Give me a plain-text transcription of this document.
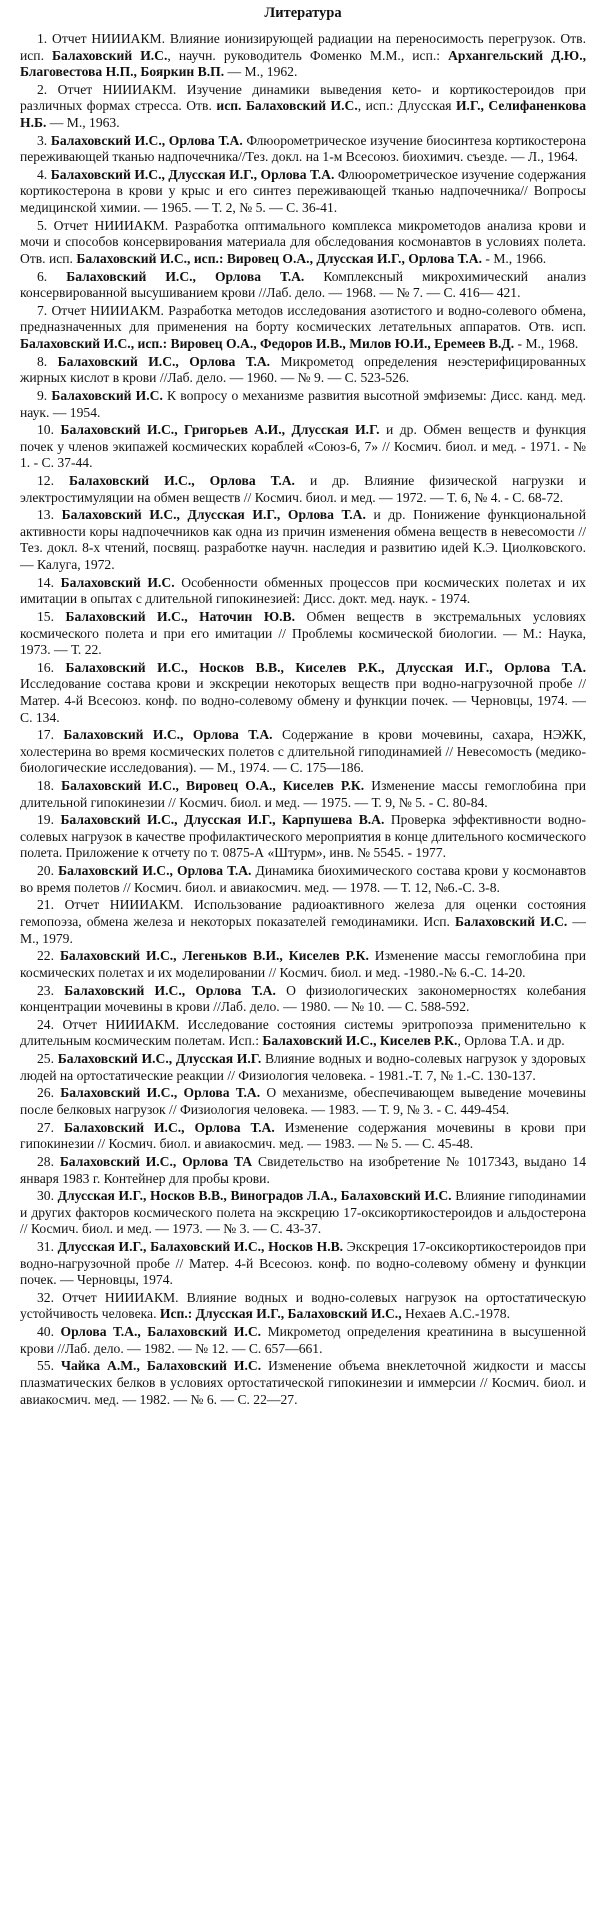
Литература
1. Отчет НИИИАКМ. Влияние ионизирующей радиации на переносимость перегрузок. Отв. исп. Балаховский И.С., научн. руководитель Фоменко М.М., исп.: Архангельский Д.Ю., Благовестова Н.П., Бояркин В.П. — М., 1962.
2. Отчет НИИИАКМ. Изучение динамики выведения кето- и кортикостероидов при различных формах стресса. Отв. исп. Балаховский И.С., исп.: Длусская И.Г., Селифаненкова Н.Б. — М., 1963.
3. Балаховский И.С., Орлова Т.А. Флюорометрическое изучение биосинтеза кортикостерона переживающей тканью надпочечника//Тез. докл. на 1-м Всесоюз. биохимич. съезде. — Л., 1964.
4. Балаховский И.С., Длусская И.Г., Орлова Т.А. Флюорометрическое изучение содержания кортикостерона в крови у крыс и его синтез переживающей тканью надпочечника// Вопросы медицинской химии. — 1965. — Т. 2, № 5. — С. 36-41.
5. Отчет НИИИАКМ. Разработка оптимального комплекса микрометодов анализа крови и мочи и способов консервирования материала для обследования космонавтов в условиях полета. Отв. исп. Балаховский И.С., исп.: Вировец О.А., Длусская И.Г., Орлова Т.А. - М., 1966.
6. Балаховский И.С., Орлова Т.А. Комплексный микрохимический анализ консервированной высушиванием крови //Лаб. дело. — 1968. — № 7. — С. 416— 421.
7. Отчет НИИИАКМ. Разработка методов исследования азотистого и водно-солевого обмена, предназначенных для применения на борту космических летательных аппаратов. Отв. исп. Балаховский И.С., исп.: Вировец О.А., Федоров И.В., Милов Ю.И., Еремеев В.Д. - М., 1968.
8. Балаховский И.С., Орлова Т.А. Микрометод определения неэстерифицированных жирных кислот в крови //Лаб. дело. — 1960. — № 9. — С. 523-526.
9. Балаховский И.С. К вопросу о механизме развития высотной эмфиземы: Дисс. канд. мед. наук. — 1954.
10. Балаховский И.С., Григорьев А.И., Длусская И.Г. и др. Обмен веществ и функция почек у членов экипажей космических кораблей «Союз-6, 7» // Космич. биол. и мед. - 1971. - № 1. - С. 37-44.
12. Балаховский И.С., Орлова Т.А. и др. Влияние физической нагрузки и электростимуляции на обмен веществ // Космич. биол. и мед. — 1972. — Т. 6, № 4. - С. 68-72.
13. Балаховский И.С., Длусская И.Г., Орлова Т.А. и др. Понижение функциональной активности коры надпочечников как одна из причин изменения обмена веществ в невесомости // Тез. докл. 8-х чтений, посвящ. разработке научн. наследия и развитию идей К.Э. Циолковского. — Калуга, 1972.
14. Балаховский И.С. Особенности обменных процессов при космических полетах и их имитации в опытах с длительной гипокинезией: Дисс. докт. мед. наук. - 1974.
15. Балаховский И.С., Наточин Ю.В. Обмен веществ в экстремальных условиях космического полета и при его имитации // Проблемы космической биологии. — М.: Наука, 1973. — Т. 22.
16. Балаховский И.С., Носков В.В., Киселев Р.К., Длусская И.Г., Орлова Т.А. Исследование состава крови и экскреции некоторых веществ при водно-нагрузочной пробе // Матер. 4-й Всесоюз. конф. по водно-солевому обмену и функции почек. — Черновцы, 1974. — С. 134.
17. Балаховский И.С., Орлова Т.А. Содержание в крови мочевины, сахара, НЭЖК, холестерина во время космических полетов с длительной гиподинамией // Невесомость (медико-биологические исследования). — М., 1974. — С. 175—186.
18. Балаховский И.С., Вировец О.А., Киселев Р.К. Изменение массы гемоглобина при длительной гипокинезии // Космич. биол. и мед. — 1975. — Т. 9, № 5. - С. 80-84.
19. Балаховский И.С., Длусская И.Г., Карпушева В.А. Проверка эффективности водно-солевых нагрузок в качестве профилактического мероприятия в конце длительного космического полета. Приложение к отчету по т. 0875-А «Штурм», инв. № 5545. - 1977.
20. Балаховский И.С., Орлова Т.А. Динамика биохимического состава крови у космонавтов во время полетов // Космич. биол. и авиакосмич. мед. — 1978. — Т. 12, №6.-С. 3-8.
21. Отчет НИИИАКМ. Использование радиоактивного железа для оценки состояния гемопоэза, обмена железа и некоторых показателей гемодинамики. Исп. Балаховский И.С. — М., 1979.
22. Балаховский И.С., Легеньков В.И., Киселев Р.К. Изменение массы гемоглобина при космических полетах и их моделировании // Космич. биол. и мед. -1980.-№ 6.-С. 14-20.
23. Балаховский И.С., Орлова Т.А. О физиологических закономерностях колебания концентрации мочевины в крови //Лаб. дело. — 1980. — № 10. — С. 588-592.
24. Отчет НИИИАКМ. Исследование состояния системы эритропоэза применительно к длительным космическим полетам. Исп.: Балаховский И.С., Киселев Р.К., Орлова Т.А. и др.
25. Балаховский И.С., Длусская И.Г. Влияние водных и водно-солевых нагрузок у здоровых людей на ортостатические реакции // Физиология человека. - 1981.-Т. 7, № 1.-С. 130-137.
26. Балаховский И.С., Орлова Т.А. О механизме, обеспечивающем выведение мочевины после белковых нагрузок // Физиология человека. — 1983. — Т. 9, № 3. - С. 449-454.
27. Балаховский И.С., Орлова Т.А. Изменение содержания мочевины в крови при гипокинезии // Космич. биол. и авиакосмич. мед. — 1983. — № 5. — С. 45-48.
28. Балаховский И.С., Орлова ТА Свидетельство на изобретение № 1017343, выдано 14 января 1983 г. Контейнер для пробы крови.
30. Длусская И.Г., Носков В.В., Виноградов Л.А., Балаховский И.С. Влияние гиподинамии и других факторов космического полета на экскрецию 17-оксикортикостероидов и альдостерона // Космич. биол. и мед. — 1973. — № 3. — С. 43-37.
31. Длусская И.Г., Балаховский И.С., Носков Н.В. Экскреция 17-оксикортикостероидов при водно-нагрузочной пробе // Матер. 4-й Всесоюз. конф. по водно-солевому обмену и функции почек. — Черновцы, 1974.
32. Отчет НИИИАКМ. Влияние водных и водно-солевых нагрузок на ортостатическую устойчивость человека. Исп.: Длусская И.Г., Балаховский И.С., Нехаев А.С.-1978.
40. Орлова Т.А., Балаховский И.С. Микрометод определения креатинина в высушенной крови //Лаб. дело. — 1982. — № 12. — С. 657—661.
55. Чайка А.М., Балаховский И.С. Изменение объема внеклеточной жидкости и массы плазматических белков в условиях ортостатической гипокинезии и иммерсии // Космич. биол. и авиакосмич. мед. — 1982. — № 6. — С. 22—27.
